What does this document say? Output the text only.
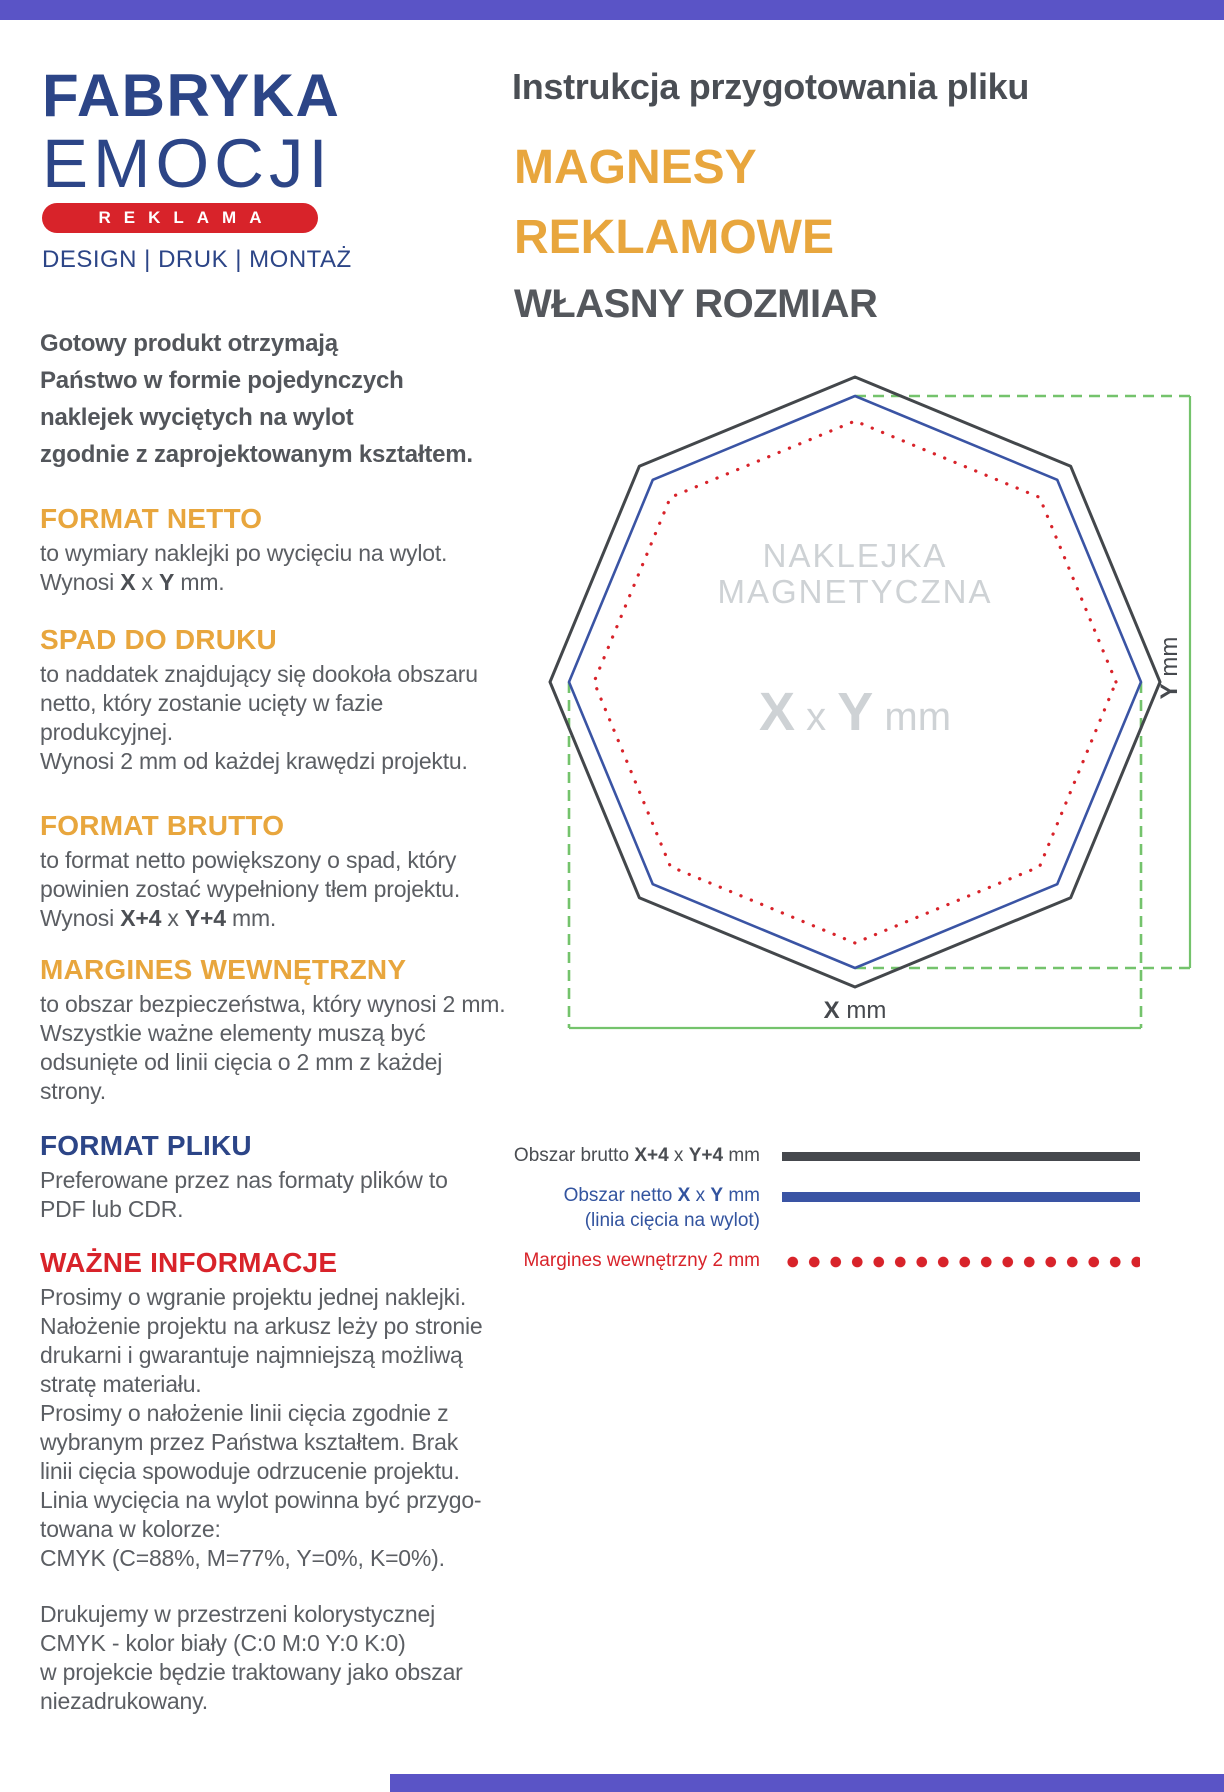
FABRYKA
EMOCJI
REKLAMA
DESIGN | DRUK | MONTAŻ
Instrukcja przygotowania pliku
MAGNESY
REKLAMOWE
WŁASNY ROZMIAR
Gotowy produkt otrzymają
Państwo w formie pojedynczych
naklejek wyciętych na wylot
zgodnie z zaprojektowanym kształtem.
FORMAT NETTO
to wymiary naklejki po wycięciu na wylot.
Wynosi X x Y mm.
SPAD DO DRUKU
to naddatek znajdujący się dookoła obszaru
netto, który zostanie ucięty w fazie
produkcyjnej.
Wynosi 2 mm od każdej krawędzi projektu.
FORMAT BRUTTO
to format netto powiększony o spad, który
powinien zostać wypełniony tłem projektu.
Wynosi X+4 x Y+4 mm.
MARGINES WEWNĘTRZNY
to obszar bezpieczeństwa, który wynosi 2 mm.
Wszystkie ważne elementy muszą być
odsunięte od linii cięcia o 2 mm z każdej
strony.
FORMAT PLIKU
Preferowane przez nas formaty plików to
PDF lub CDR.
WAŻNE INFORMACJE
Prosimy o wgranie projektu jednej naklejki.
Nałożenie projektu na arkusz leży po stronie
drukarni i gwarantuje najmniejszą możliwą
stratę materiału.
Prosimy o nałożenie linii cięcia zgodnie z
wybranym przez Państwa kształtem. Brak
linii cięcia spowoduje odrzucenie projektu.
Linia wycięcia na wylot powinna być przygo-
towana w kolorze:
CMYK (C=88%, M=77%, Y=0%, K=0%).
Drukujemy w przestrzeni kolorystycznej
CMYK - kolor biały (C:0 M:0 Y:0 K:0)
w projekcie będzie traktowany jako obszar
niezadrukowany.
NAKLEJKA
MAGNETYCZNA
X x Y mm
X mm
Y mm
Obszar brutto X+4 x Y+4 mm
Obszar netto X x Y mm
(linia cięcia na wylot)
Margines wewnętrzny 2 mm
